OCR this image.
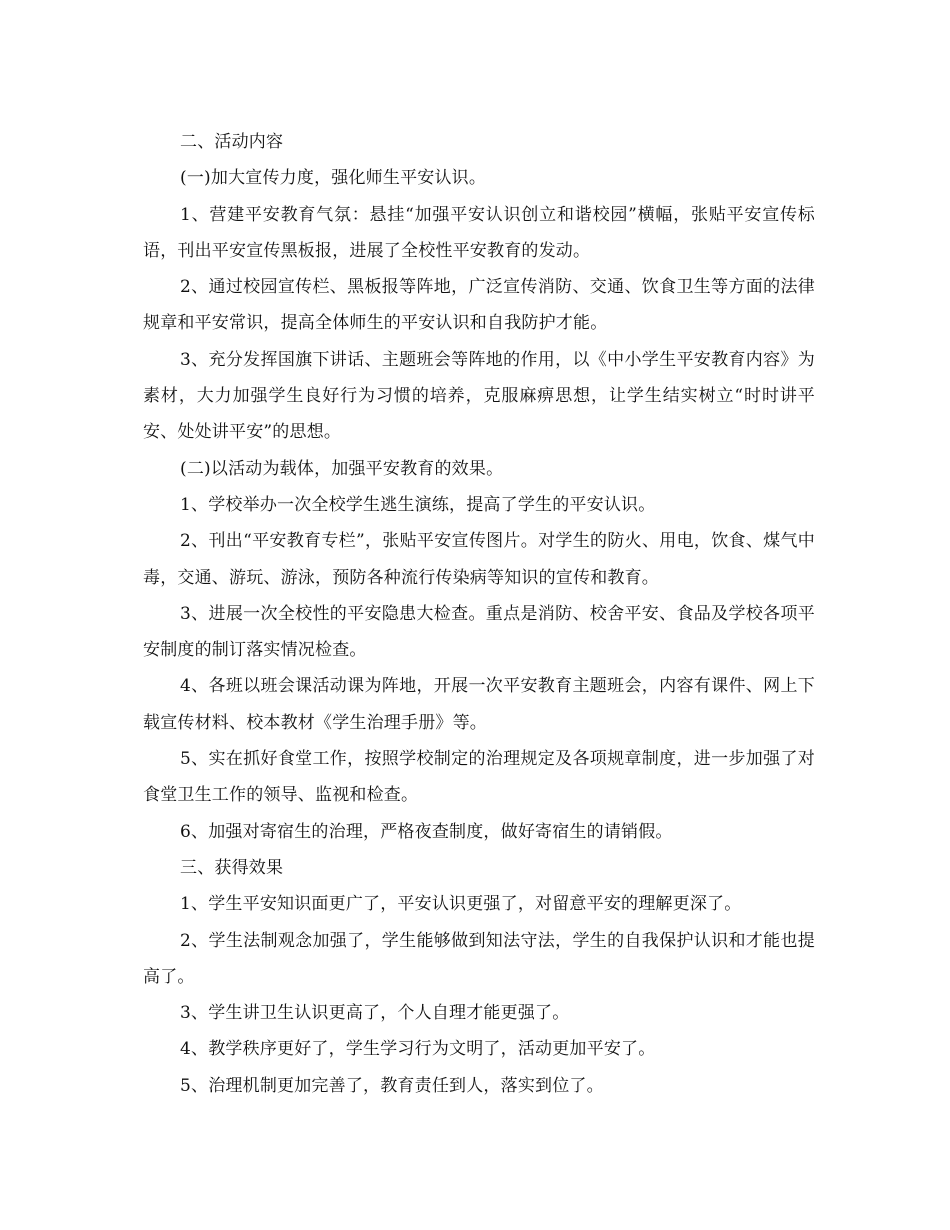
二、活动内容

(一)加大宣传力度，强化师生平安认识。

1、营建平安教育气氛：悬挂“加强平安认识创立和谐校园”横幅，张贴平安宣传标语，刊出平安宣传黑板报，进展了全校性平安教育的发动。

2、通过校园宣传栏、黑板报等阵地，广泛宣传消防、交通、饮食卫生等方面的法律规章和平安常识，提高全体师生的平安认识和自我防护才能。

3、充分发挥国旗下讲话、主题班会等阵地的作用，以《中小学生平安教育内容》为素材，大力加强学生良好行为习惯的培养，克服麻痹思想，让学生结实树立“时时讲平安、处处讲平安”的思想。

(二)以活动为载体，加强平安教育的效果。

1、学校举办一次全校学生逃生演练，提高了学生的平安认识。

2、刊出“平安教育专栏”，张贴平安宣传图片。对学生的防火、用电，饮食、煤气中毒，交通、游玩、游泳，预防各种流行传染病等知识的宣传和教育。

3、进展一次全校性的平安隐患大检查。重点是消防、校舍平安、食品及学校各项平安制度的制订落实情况检查。

4、各班以班会课活动课为阵地，开展一次平安教育主题班会，内容有课件、网上下载宣传材料、校本教材《学生治理手册》等。

5、实在抓好食堂工作，按照学校制定的治理规定及各项规章制度，进一步加强了对食堂卫生工作的领导、监视和检查。

6、加强对寄宿生的治理，严格夜查制度，做好寄宿生的请销假。

三、获得效果

1、学生平安知识面更广了，平安认识更强了，对留意平安的理解更深了。

2、学生法制观念加强了，学生能够做到知法守法，学生的自我保护认识和才能也提高了。

3、学生讲卫生认识更高了，个人自理才能更强了。

4、教学秩序更好了，学生学习行为文明了，活动更加平安了。

5、治理机制更加完善了，教育责任到人，落实到位了。
